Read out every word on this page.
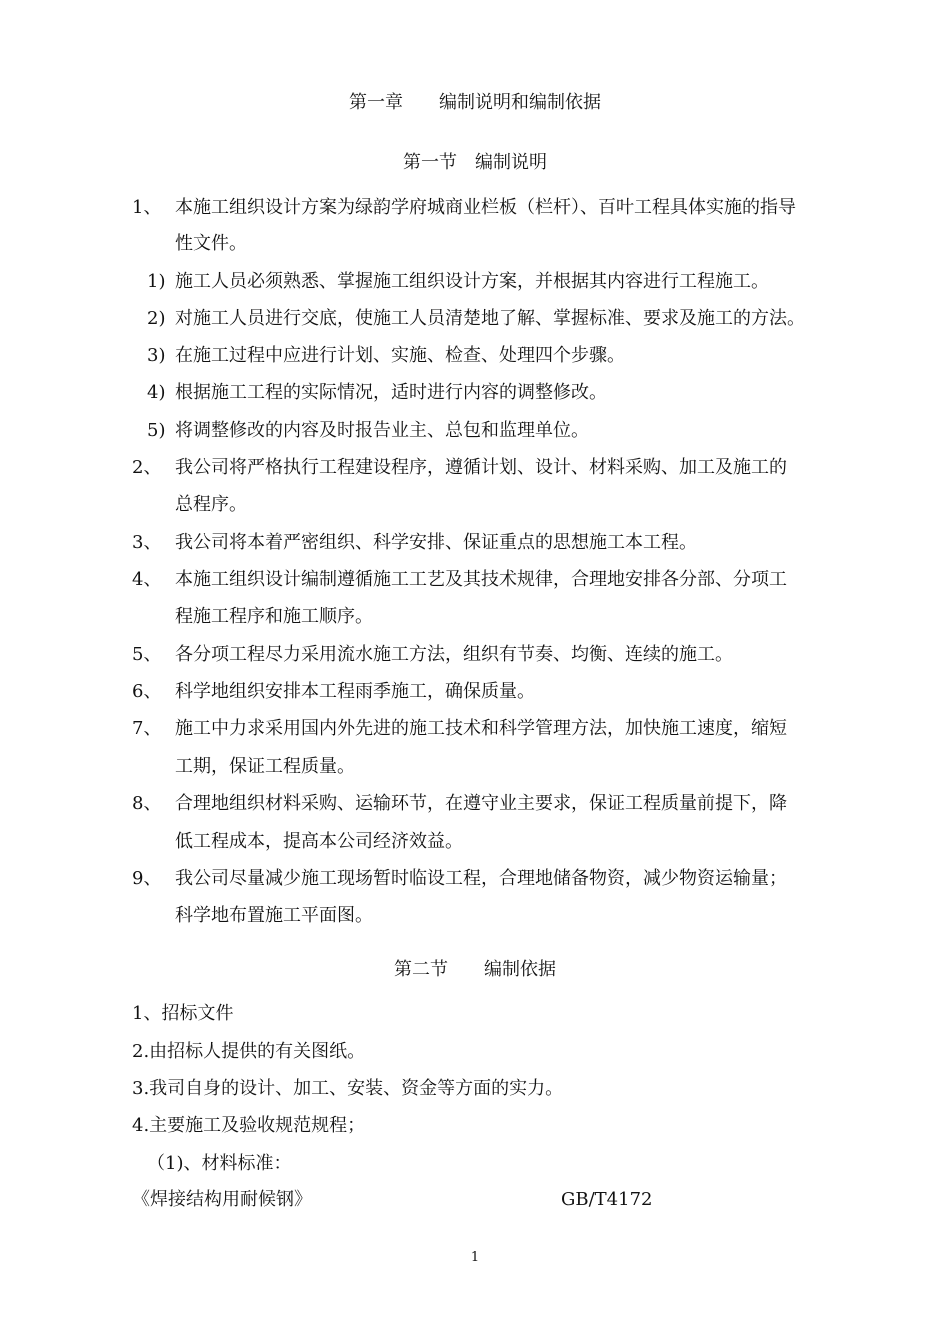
第一章　　编制说明和编制依据
第一节　编制说明
1、 本施工组织设计方案为绿韵学府城商业栏板（栏杆）、百叶工程具体实施的指导
性文件。
1) 施工人员必须熟悉、掌握施工组织设计方案，并根据其内容进行工程施工。
2) 对施工人员进行交底，使施工人员清楚地了解、掌握标准、要求及施工的方法。
3) 在施工过程中应进行计划、实施、检查、处理四个步骤。
4) 根据施工工程的实际情况，适时进行内容的调整修改。
5) 将调整修改的内容及时报告业主、总包和监理单位。
2、 我公司将严格执行工程建设程序，遵循计划、设计、材料采购、加工及施工的
总程序。
3、 我公司将本着严密组织、科学安排、保证重点的思想施工本工程。
4、 本施工组织设计编制遵循施工工艺及其技术规律，合理地安排各分部、分项工
程施工程序和施工顺序。
5、 各分项工程尽力采用流水施工方法，组织有节奏、均衡、连续的施工。
6、 科学地组织安排本工程雨季施工，确保质量。
7、 施工中力求采用国内外先进的施工技术和科学管理方法，加快施工速度，缩短
工期，保证工程质量。
8、 合理地组织材料采购、运输环节，在遵守业主要求，保证工程质量前提下，降
低工程成本，提高本公司经济效益。
9、 我公司尽量减少施工现场暂时临设工程，合理地储备物资，减少物资运输量；
科学地布置施工平面图。
第二节　　编制依据
1、招标文件
2.由招标人提供的有关图纸。
3.我司自身的设计、加工、安装、资金等方面的实力。
4.主要施工及验收规范规程；
（1)、材料标准：
《焊接结构用耐候钢》	GB/T4172
1
